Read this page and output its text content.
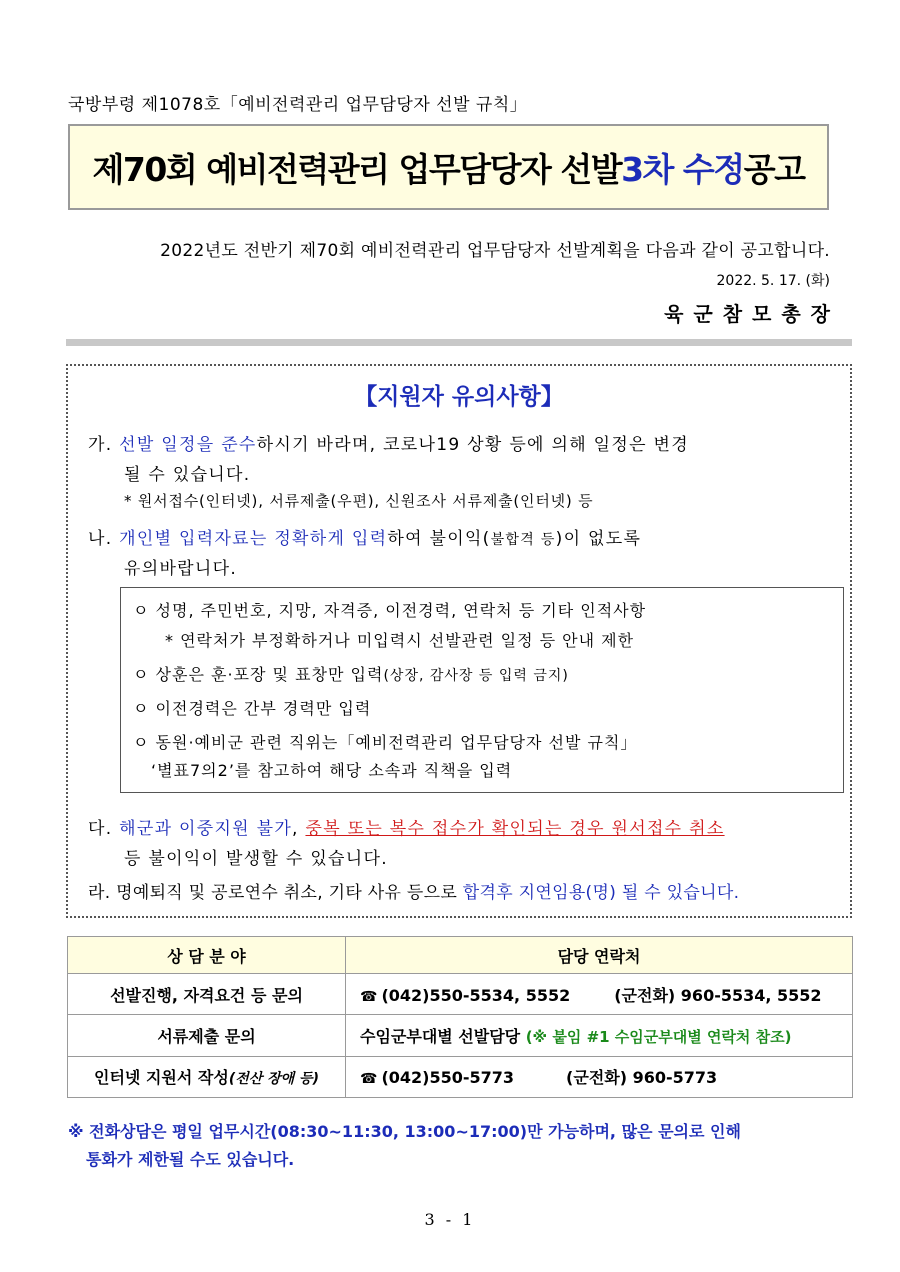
국방부령 제1078호「예비전력관리 업무담당자 선발 규칙」
제70회 예비전력관리 업무담당자 선발 3차 수정 공고
2022년도 전반기 제70회 예비전력관리 업무담당자 선발계획을 다음과 같이 공고합니다.
2022. 5. 17. (화)
육군참모총장
【지원자 유의사항】
가. 선발 일정을 준수하시기 바라며, 코로나19 상황 등에 의해 일정은 변경
될 수 있습니다.
* 원서접수(인터넷), 서류제출(우편), 신원조사 서류제출(인터넷) 등
나. 개인별 입력자료는 정확하게 입력하여 불이익(불합격 등)이 없도록
유의바랍니다.
ㅇ 성명, 주민번호, 지망, 자격증, 이전경력, 연락처 등 기타 인적사항
* 연락처가 부정확하거나 미입력시 선발관련 일정 등 안내 제한
ㅇ 상훈은 훈·포장 및 표창만 입력(상장, 감사장 등 입력 금지)
ㅇ 이전경력은 간부 경력만 입력
ㅇ 동원·예비군 관련 직위는「예비전력관리 업무담당자 선발 규칙」
‘별표7의2’를 참고하여 해당 소속과 직책을 입력
다. 해군과 이중지원 불가, 중복 또는 복수 접수가 확인되는 경우 원서접수 취소
등 불이익이 발생할 수 있습니다.
라. 명예퇴직 및 공로연수 취소, 기타 사유 등으로 합격후 지연임용(명) 될 수 있습니다.
상 담 분 야	담당 연락처
선발진행, 자격요건 등 문의	☎ (042)550-5534, 5552 (군전화) 960-5534, 5552
서류제출 문의	수임군부대별 선발담당 (※ 붙임 #1 수임군부대별 연락처 참조)
인터넷 지원서 작성(전산 장애 등)	☎ (042)550-5773 (군전화) 960-5773
※ 전화상담은 평일 업무시간(08:30~11:30, 13:00~17:00)만 가능하며, 많은 문의로 인해
통화가 제한될 수도 있습니다.
3 - 1
